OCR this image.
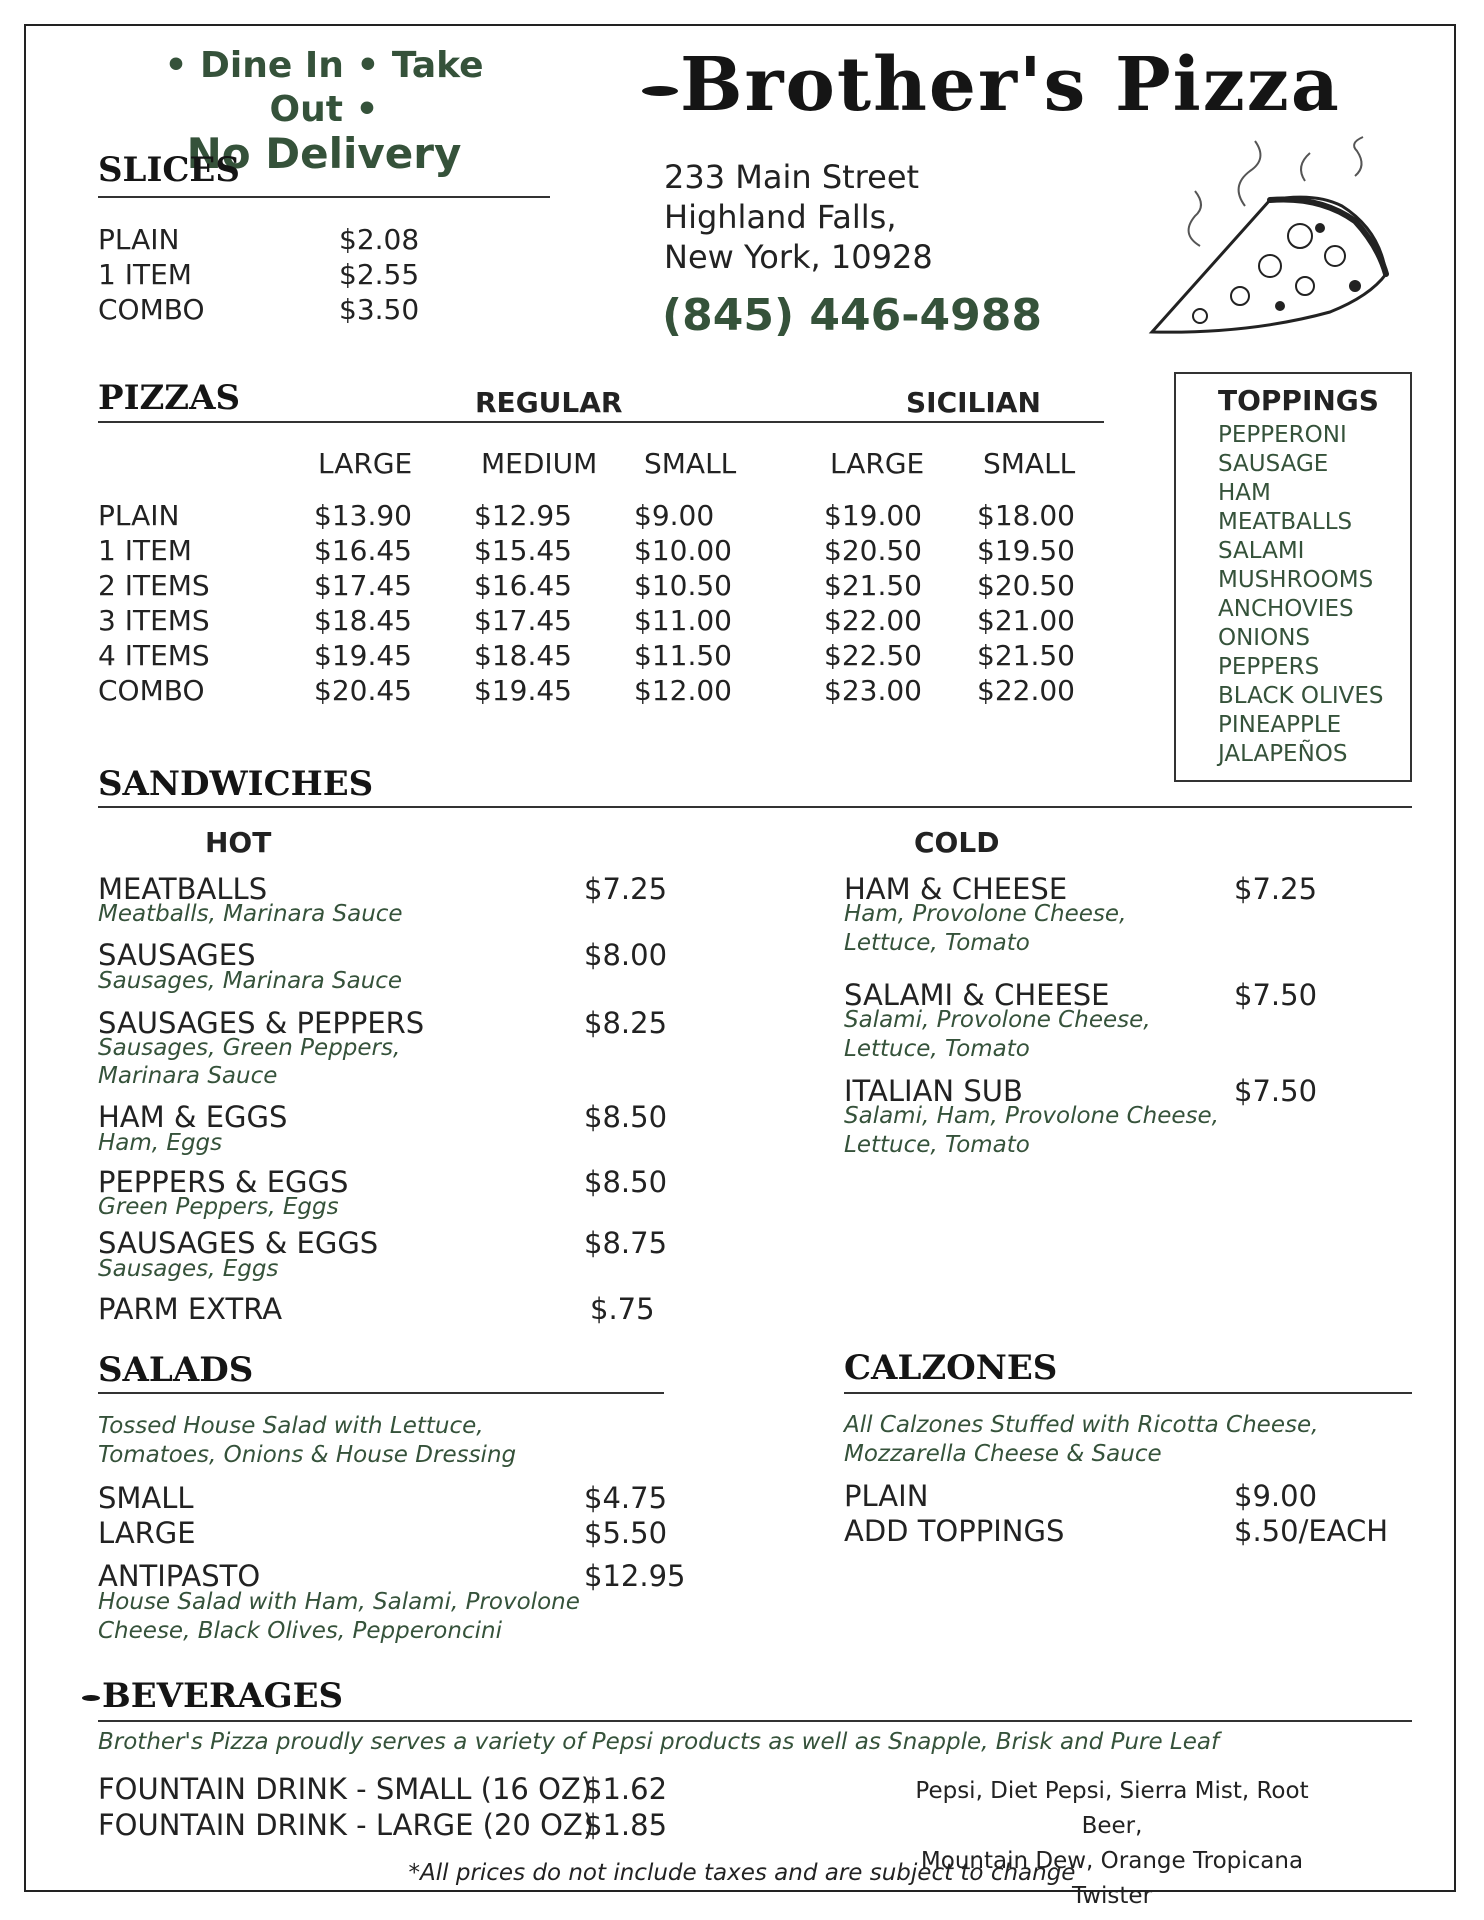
• Dine In • Take Out •
No Delivery
Brother's Pizza
233 Main Street
Highland Falls,
New York, 10928
(845) 446-4988
SLICES
PLAIN	$2.08
1 ITEM	$2.55
COMBO	$3.50
PIZZAS	REGULAR	SICILIAN
LARGE MEDIUM SMALL	LARGE SMALL
PLAIN	$13.90 $12.95 $9.00	$19.00 $18.00
1 ITEM	$16.45 $15.45 $10.00	$20.50 $19.50
2 ITEMS	$17.45 $16.45 $10.50	$21.50 $20.50
3 ITEMS	$18.45 $17.45 $11.00	$22.00 $21.00
4 ITEMS	$19.45 $18.45 $11.50	$22.50 $21.50
COMBO	$20.45 $19.45 $12.00	$23.00 $22.00
TOPPINGS
PEPPERONI
SAUSAGE
HAM
MEATBALLS
SALAMI
MUSHROOMS
ANCHOVIES
ONIONS
PEPPERS
BLACK OLIVES
PINEAPPLE
JALAPEÑOS
SANDWICHES
HOT	COLD
MEATBALLS	$7.25
Meatballs, Marinara Sauce
SAUSAGES	$8.00
Sausages, Marinara Sauce
SAUSAGES & PEPPERS	$8.25
Sausages, Green Peppers,
Marinara Sauce
HAM & EGGS	$8.50
Ham, Eggs
PEPPERS & EGGS	$8.50
Green Peppers, Eggs
SAUSAGES & EGGS	$8.75
Sausages, Eggs
PARM EXTRA	$.75
HAM & CHEESE	$7.25
Ham, Provolone Cheese,
Lettuce, Tomato
SALAMI & CHEESE	$7.50
Salami, Provolone Cheese,
Lettuce, Tomato
ITALIAN SUB	$7.50
Salami, Ham, Provolone Cheese,
Lettuce, Tomato
SALADS
Tossed House Salad with Lettuce,
Tomatoes, Onions & House Dressing
SMALL	$4.75
LARGE	$5.50
ANTIPASTO	$12.95
House Salad with Ham, Salami, Provolone
Cheese, Black Olives, Pepperoncini
CALZONES
All Calzones Stuffed with Ricotta Cheese,
Mozzarella Cheese & Sauce
PLAIN	$9.00
ADD TOPPINGS	$.50/EACH
BEVERAGES
Brother's Pizza proudly serves a variety of Pepsi products as well as Snapple, Brisk and Pure Leaf
FOUNTAIN DRINK - SMALL (16 OZ)
$1.62
FOUNTAIN DRINK - LARGE (20 OZ)
$1.85
Pepsi, Diet Pepsi, Sierra Mist, Root Beer,
Mountain Dew, Orange Tropicana Twister
*All prices do not include taxes and are subject to change
